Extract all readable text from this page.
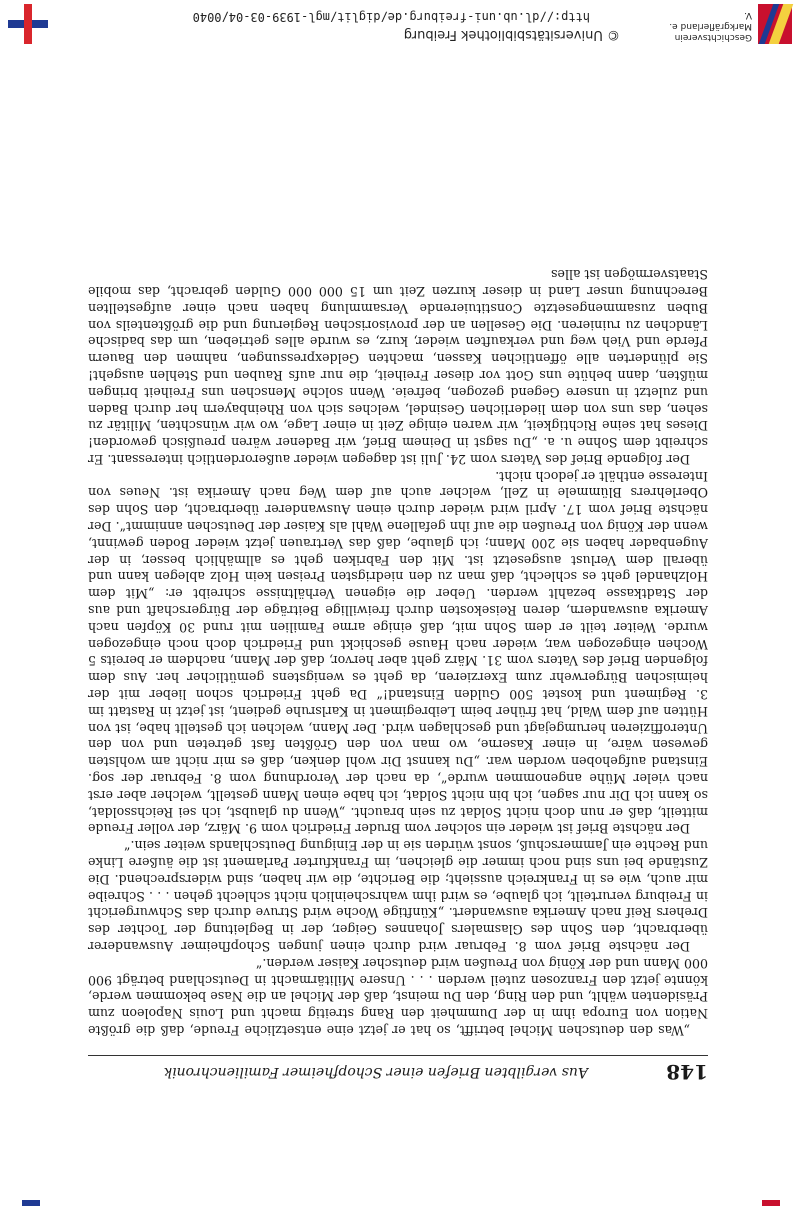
148
Aus vergilbten Briefen einer Schopfheimer Familienchronik

„Was den deutschen Michel betrifft, so hat er jetzt eine entsetzliche Freude, daß die größte Nation von Europa ihm in der Dummheit den Rang streitig macht und Louis Napoleon zum Präsidenten wählt, und den Ring, den Du meinst, daß der Michel an die Nase bekommen werde, könnte jetzt den Franzosen zuteil werden . . . Unsere Militärmacht in Deutschland beträgt 900 000 Mann und der König von Preußen wird deutscher Kaiser werden.“

Der nächste Brief vom 8. Februar wird durch einen jungen Schopfheimer Auswanderer überbracht, den Sohn des Glasmalers Johannes Geiger, der in Begleitung der Tochter des Drehers Reif nach Amerika auswandert. „Künftige Woche wird Struve durch das Schwurgericht in Freiburg verurteilt, ich glaube, es wird ihm wahrscheinlich nicht schlecht gehen . . . Schreibe mir auch, wie es in Frankreich aussieht; die Berichte, die wir haben, sind widersprechend. Die Zustände bei uns sind noch immer die gleichen, im Frankfurter Parlament ist die äußere Linke und Rechte ein Jammerschuß, sonst würden sie in der Einigung Deutschlands weiter sein.“

Der nächste Brief ist wieder ein solcher vom Bruder Friedrich vom 9. März, der voller Freude mitteilt, daß er nun doch nicht Soldat zu sein braucht. „Wenn du glaubst, ich sei Reichssoldat, so kann ich Dir nur sagen, ich bin nicht Soldat, ich habe einen Mann gestellt, welcher aber erst nach vieler Mühe angenommen wurde“, da nach der Verordnung vom 8. Februar der sog. Einstand aufgehoben worden war. „Du kannst Dir wohl denken, daß es mir nicht am wohlsten gewesen wäre, in einer Kaserne, wo man von den Größten fast getreten und von den Unteroffizieren herumgejagt und geschlagen wird. Der Mann, welchen ich gestellt habe, ist von Hütten auf dem Wald, hat früher beim Leibregiment in Karlsruhe gedient, ist jetzt in Rastatt im 3. Regiment und kostet 500 Gulden Einstand!“ Da geht Friedrich schon lieber mit der heimischen Bürgerwehr zum Exerzieren, da geht es wenigstens gemütlicher her. Aus dem folgenden Brief des Vaters vom 31. März geht aber hervor, daß der Mann, nachdem er bereits 5 Wochen eingezogen war, wieder nach Hause geschickt und Friedrich doch noch eingezogen wurde. Weiter teilt er dem Sohn mit, daß einige arme Familien mit rund 30 Köpfen nach Amerika auswandern, deren Reisekosten durch freiwillige Beiträge der Bürgerschaft und aus der Stadtkasse bezahlt werden. Ueber die eigenen Verhältnisse schreibt er: „Mit dem Holzhandel geht es schlecht, daß man zu den niedrigsten Preisen kein Holz ablegen kann und überall dem Verlust ausgesetzt ist. Mit den Fabriken geht es allmählich besser, in der Augenbader haben sie 200 Mann; ich glaube, daß das Vertrauen jetzt wieder Boden gewinnt, wenn der König von Preußen die auf ihn gefallene Wahl als Kaiser der Deutschen annimmt“. Der nächste Brief vom 17. April wird wieder durch einen Auswanderer überbracht, den Sohn des Oberlehrers Blümmele in Zell, welcher auch auf dem Weg nach Amerika ist. Neues von Interesse enthält er jedoch nicht.

Der folgende Brief des Vaters vom 24. Juli ist dagegen wieder außerordentlich interessant. Er schreibt dem Sohne u. a. „Du sagst in Deinem Brief, wir Badener wären preußisch geworden! Dieses hat seine Richtigkeit, wir waren einige Zeit in einer Lage, wo wir wünschten, Militär zu sehen, das uns von dem liederlichen Gesindel, welches sich von Rheinbayern her durch Baden und zuletzt in unsere Gegend gezogen, befreie. Wenn solche Menschen uns Freiheit bringen müßten, dann behüte uns Gott vor dieser Freiheit, die nur aufs Rauben und Stehlen ausgeht! Sie plünderten alle öffentlichen Kassen, machten Geldexpressungen, nahmen den Bauern Pferde und Vieh weg und verkauften wieder, kurz, es wurde alles getrieben, um das badische Ländchen zu ruinieren. Die Gesellen an der provisorischen Regierung und die größtenteils von Buben zusammengesetzte Constituierende Versammlung haben nach einer aufgestellten Berechnung unser Land in dieser kurzen Zeit um 15 000 000 Gulden gebracht, das mobile Staatsvermögen ist alles

Geschichtsverein Markgräflerland e. V.
© Universitätsbibliothek Freiburg
http://dl.ub.uni-freiburg.de/diglit/mgl-1939-03-04/0040
